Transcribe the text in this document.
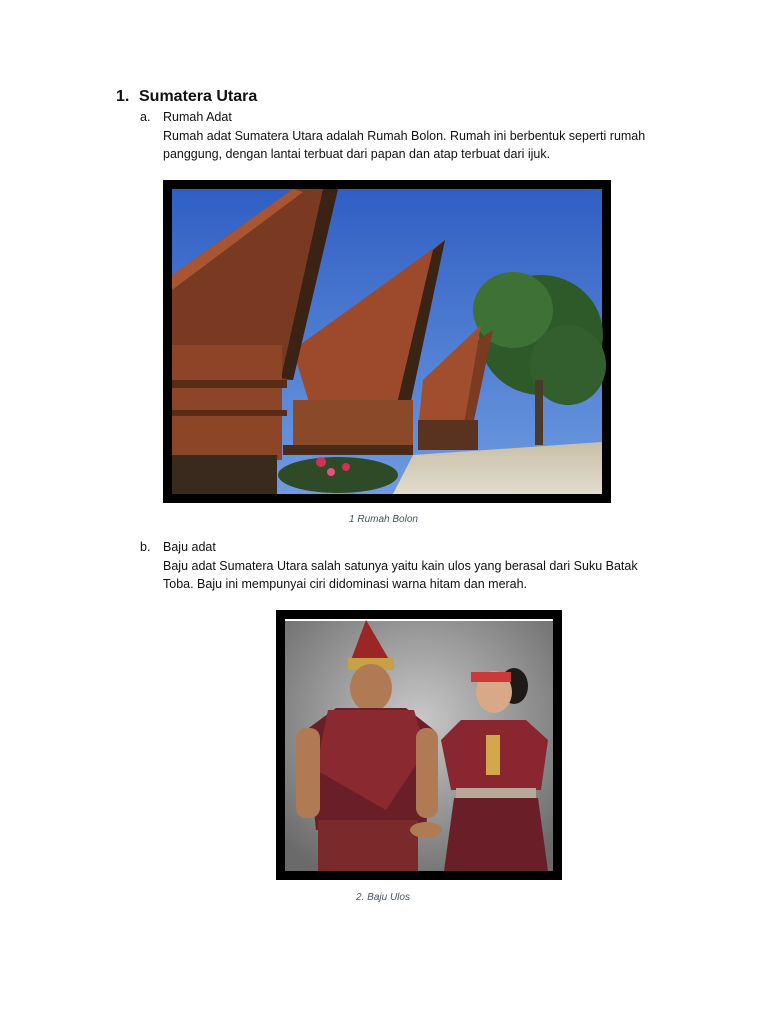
1. Sumatera Utara
a. Rumah Adat
Rumah adat Sumatera Utara adalah Rumah Bolon. Rumah ini berbentuk seperti rumah
panggung, dengan lantai terbuat dari papan dan atap terbuat dari ijuk.
1 Rumah Bolon
b. Baju adat
Baju adat Sumatera Utara salah satunya yaitu kain ulos yang berasal dari Suku Batak
Toba. Baju ini mempunyai ciri didominasi warna hitam dan merah.
2. Baju Ulos
